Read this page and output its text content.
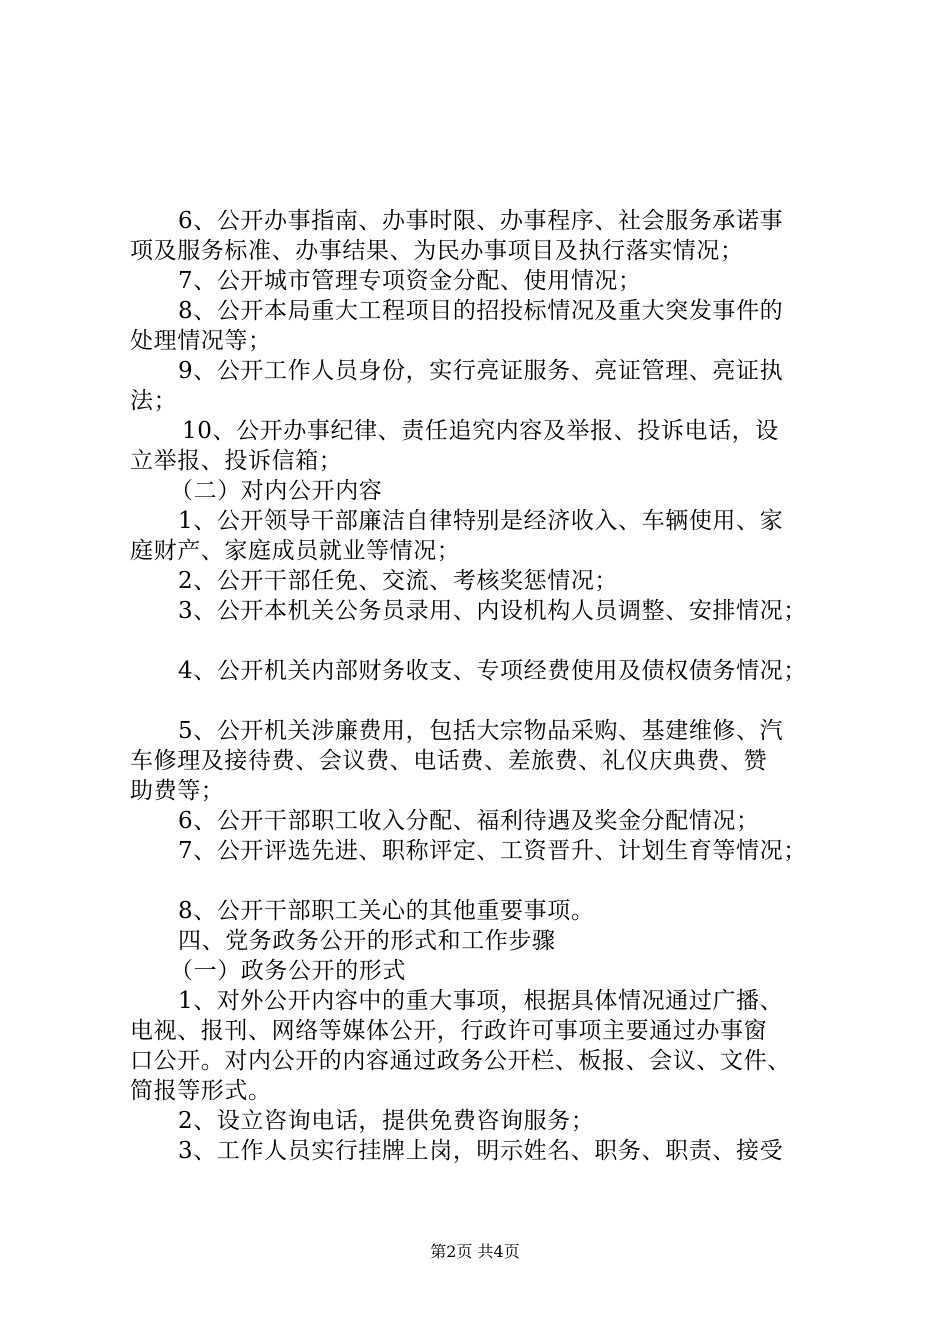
6、公开办事指南、办事时限、办事程序、社会服务承诺事
项及服务标准、办事结果、为民办事项目及执行落实情况；
7、公开城市管理专项资金分配、使用情况；
8、公开本局重大工程项目的招投标情况及重大突发事件的
处理情况等；
9、公开工作人员身份，实行亮证服务、亮证管理、亮证执
法；
10、公开办事纪律、责任追究内容及举报、投诉电话，设
立举报、投诉信箱；
（二）对内公开内容
1、公开领导干部廉洁自律特别是经济收入、车辆使用、家
庭财产、家庭成员就业等情况；
2、公开干部任免、交流、考核奖惩情况；
3、公开本机关公务员录用、内设机构人员调整、安排情况；
4、公开机关内部财务收支、专项经费使用及债权债务情况；
5、公开机关涉廉费用，包括大宗物品采购、基建维修、汽
车修理及接待费、会议费、电话费、差旅费、礼仪庆典费、赞
助费等；
6、公开干部职工收入分配、福利待遇及奖金分配情况；
7、公开评选先进、职称评定、工资晋升、计划生育等情况；
8、公开干部职工关心的其他重要事项。
四、党务政务公开的形式和工作步骤
（一）政务公开的形式
1、对外公开内容中的重大事项，根据具体情况通过广播、
电视、报刊、网络等媒体公开，行政许可事项主要通过办事窗
口公开。对内公开的内容通过政务公开栏、板报、会议、文件、
简报等形式。
2、设立咨询电话，提供免费咨询服务；
3、工作人员实行挂牌上岗，明示姓名、职务、职责、接受
第2页 共4页
